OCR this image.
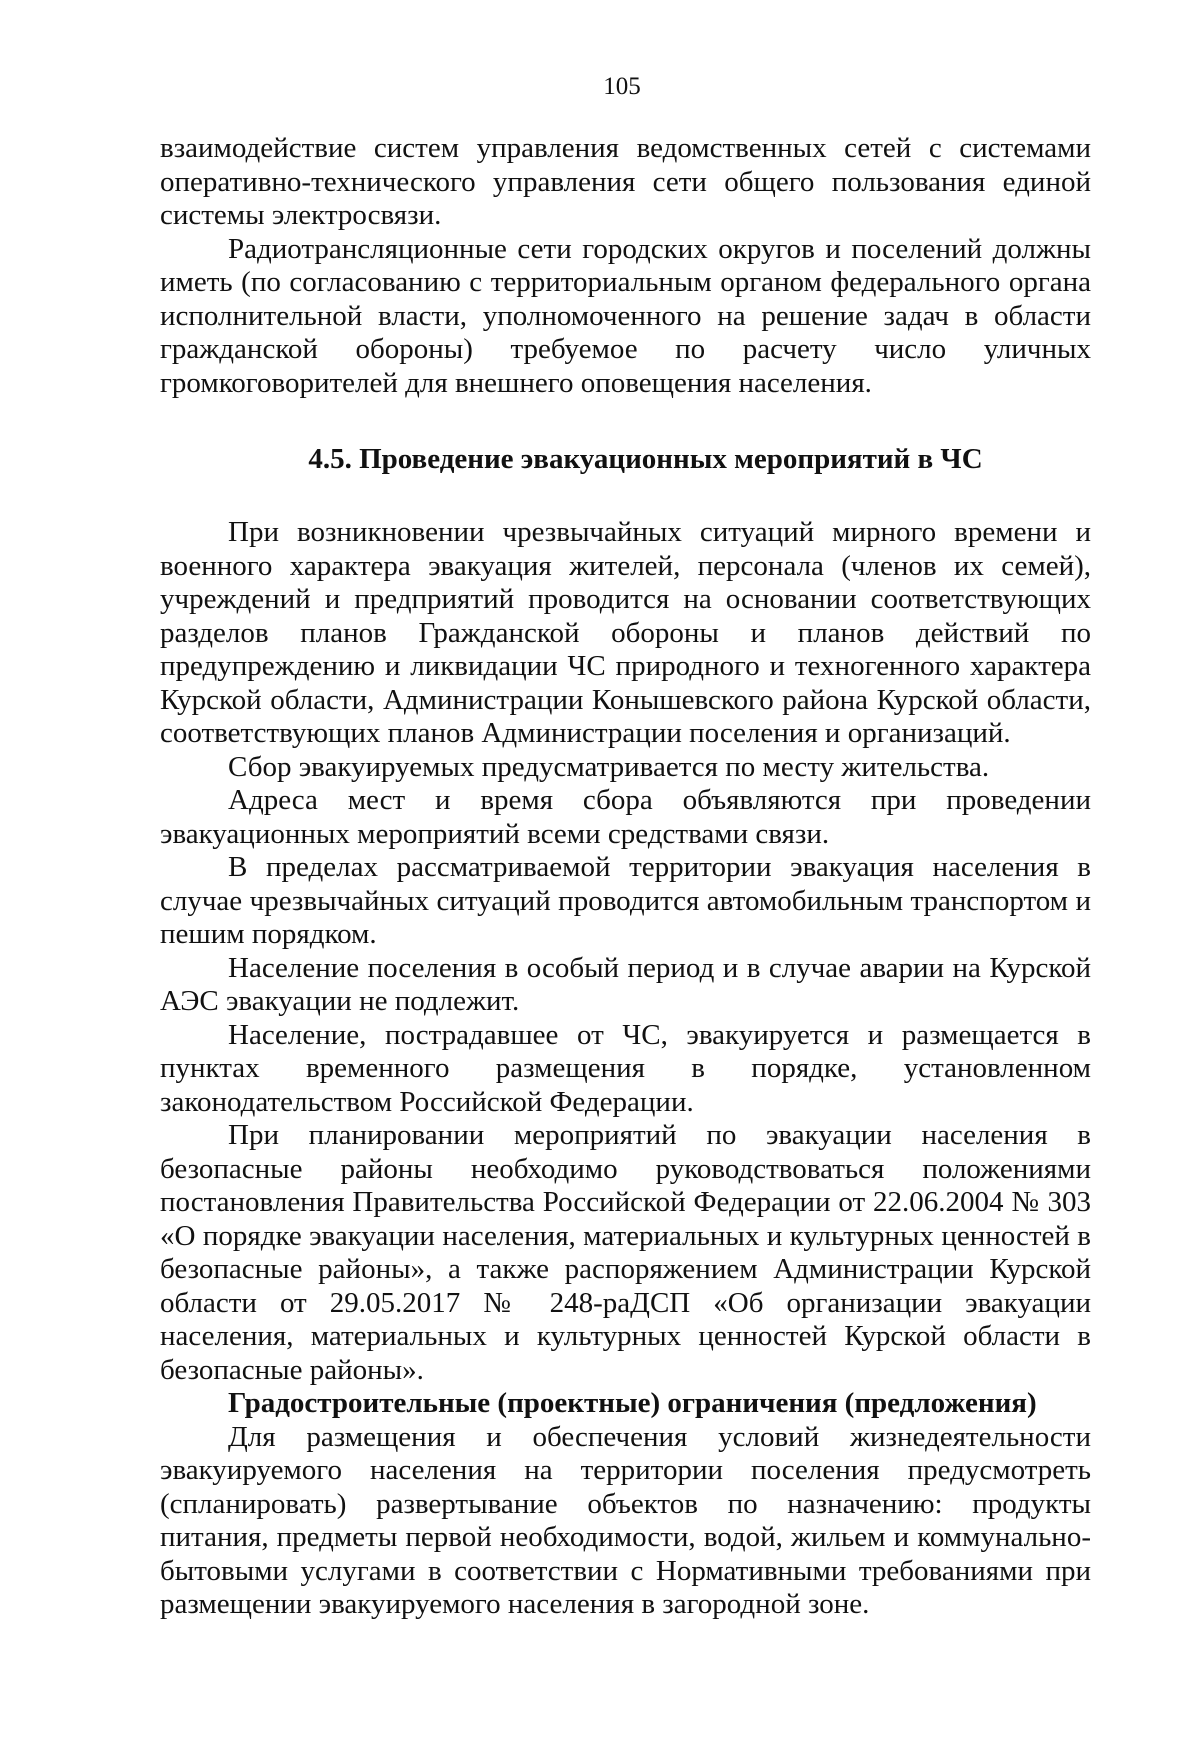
105

взаимодействие систем управления ведомственных сетей с системами оперативно-технического управления сети общего пользования единой системы электросвязи.

Радиотрансляционные сети городских округов и поселений должны иметь (по согласованию с территориальным органом федерального органа исполнительной власти, уполномоченного на решение задач в области гражданской обороны) требуемое по расчету число уличных громкоговорителей для внешнего оповещения населения.

4.5. Проведение эвакуационных мероприятий в ЧС

При возникновении чрезвычайных ситуаций мирного времени и военного характера эвакуация жителей, персонала (членов их семей), учреждений и предприятий проводится на основании соответствующих разделов планов Гражданской обороны и планов действий по предупреждению и ликвидации ЧС природного и техногенного характера Курской области, Администрации Конышевского района Курской области, соответствующих планов Администрации поселения и организаций.

Сбор эвакуируемых предусматривается по месту жительства.

Адреса мест и время сбора объявляются при проведении эвакуационных мероприятий всеми средствами связи.

В пределах рассматриваемой территории эвакуация населения в случае чрезвычайных ситуаций проводится автомобильным транспортом и пешим порядком.

Население поселения в особый период и в случае аварии на Курской АЭС эвакуации не подлежит.

Население, пострадавшее от ЧС, эвакуируется и размещается в пунктах временного размещения в порядке, установленном законодательством Российской Федерации.

При планировании мероприятий по эвакуации населения в безопасные районы необходимо руководствоваться положениями постановления Правительства Российской Федерации от 22.06.2004 № 303 «О порядке эвакуации населения, материальных и культурных ценностей в безопасные районы», а также распоряжением Администрации Курской области от 29.05.2017 № 248-раДСП «Об организации эвакуации населения, материальных и культурных ценностей Курской области в безопасные районы».

Градостроительные (проектные) ограничения (предложения)

Для размещения и обеспечения условий жизнедеятельности эвакуируемого населения на территории поселения предусмотреть (спланировать) развертывание объектов по назначению: продукты питания, предметы первой необходимости, водой, жильем и коммунально-бытовыми услугами в соответствии с Нормативными требованиями при размещении эвакуируемого населения в загородной зоне.
